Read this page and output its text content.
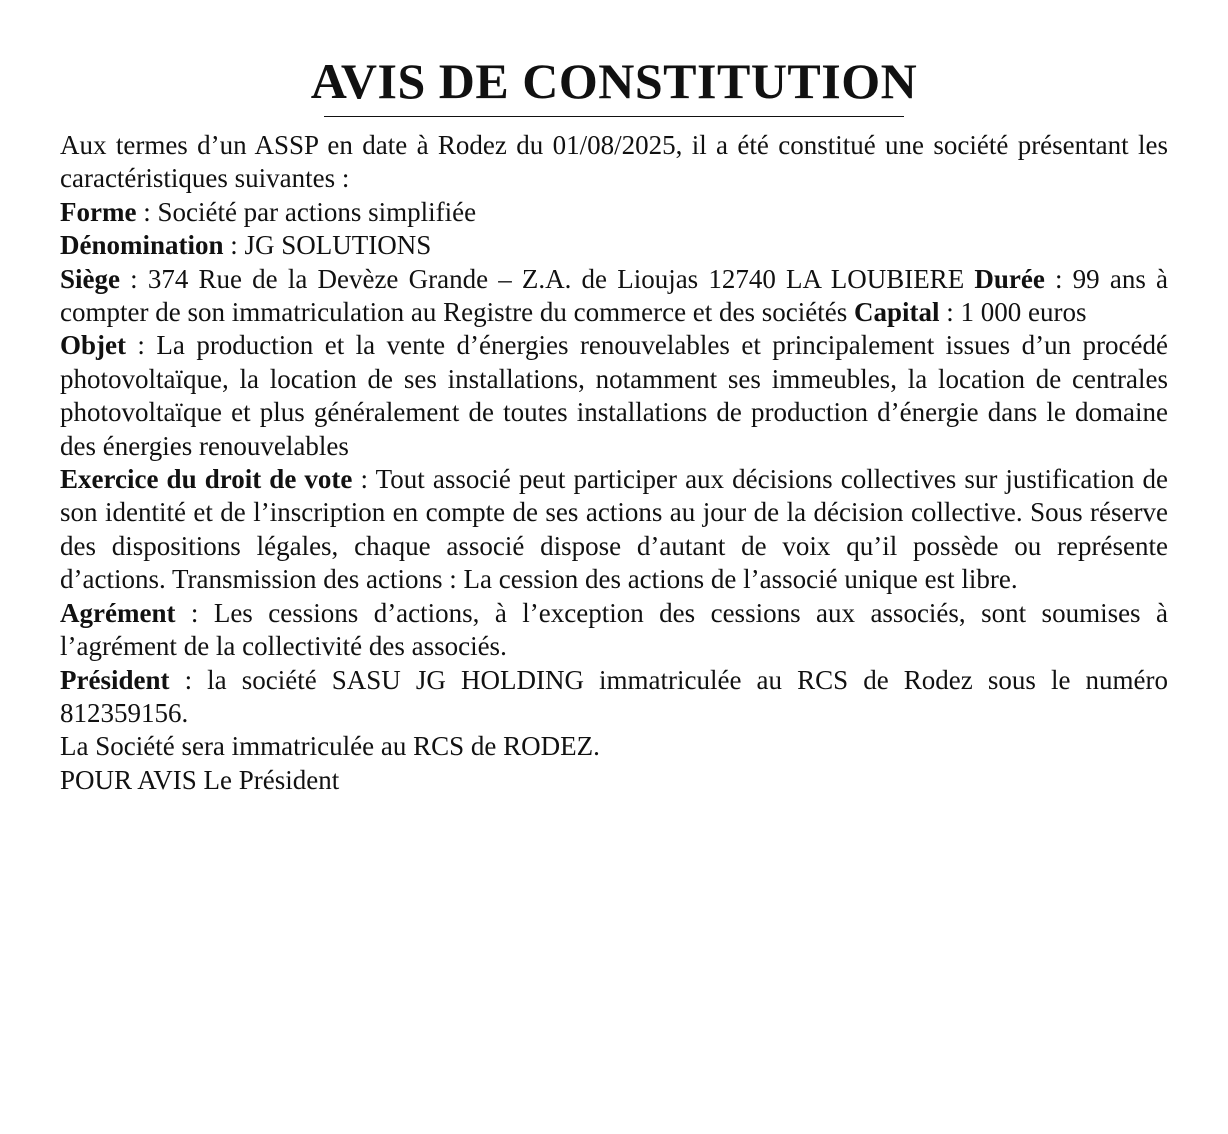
AVIS DE CONSTITUTION

Aux termes d’un ASSP en date à Rodez du 01/08/2025, il a été constitué une société présentant les caractéristiques suivantes :

Forme : Société par actions simplifiée

Dénomination : JG SOLUTIONS

Siège : 374 Rue de la Devèze Grande – Z.A. de Lioujas 12740 LA LOUBIERE Durée : 99 ans à compter de son immatriculation au Registre du commerce et des sociétés Capital : 1 000 euros

Objet : La production et la vente d’énergies renouvelables et principalement issues d’un procédé photovoltaïque, la location de ses installations, notamment ses immeubles, la location de centrales photovoltaïque et plus généralement de toutes installations de production d’énergie dans le domaine des énergies renouvelables

Exercice du droit de vote : Tout associé peut participer aux décisions collectives sur justification de son identité et de l’inscription en compte de ses actions au jour de la décision collective. Sous réserve des dispositions légales, chaque associé dispose d’autant de voix qu’il possède ou représente d’actions. Transmission des actions : La cession des actions de l’associé unique est libre.

Agrément : Les cessions d’actions, à l’exception des cessions aux associés, sont soumises à l’agrément de la collectivité des associés.

Président : la société SASU JG HOLDING immatriculée au RCS de Rodez sous le numéro 812359156.

La Société sera immatriculée au RCS de RODEZ.

POUR AVIS Le Président
